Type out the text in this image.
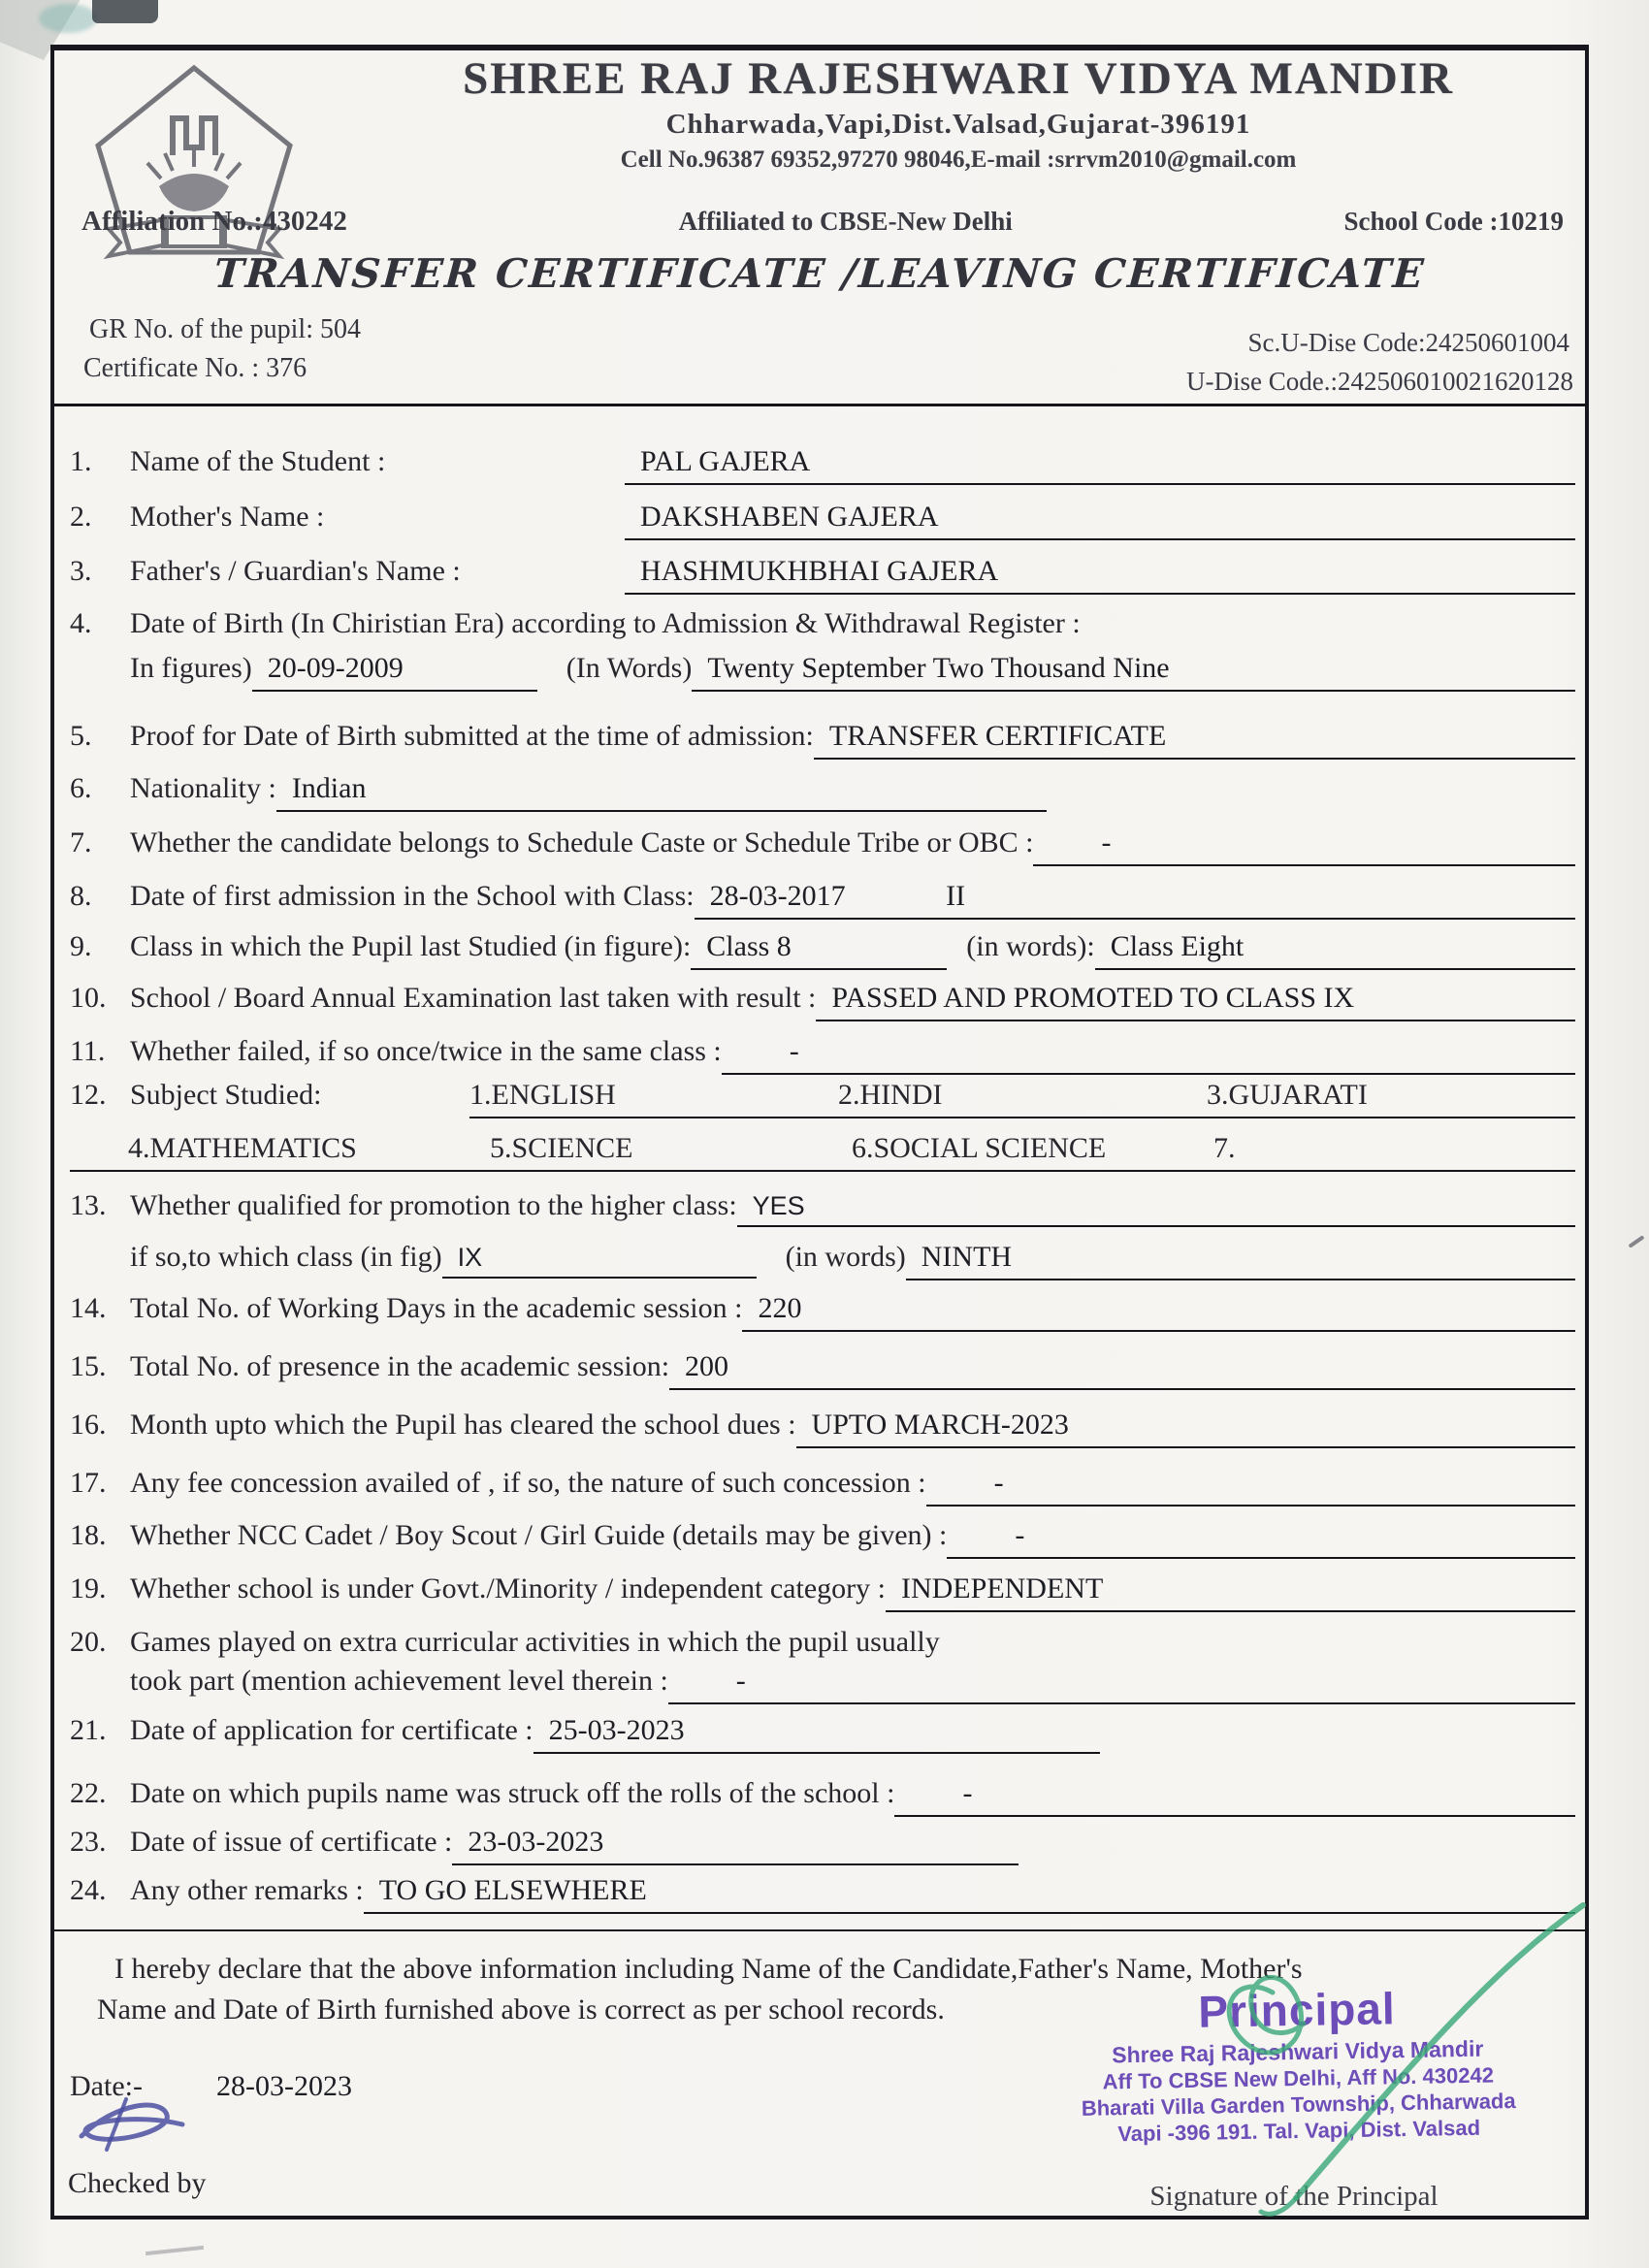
SHREE RAJ RAJESHWARI VIDYA MANDIR
Chharwada,Vapi,Dist.Valsad,Gujarat-396191
Cell No.96387 69352,97270 98046,E-mail :srrvm2010@gmail.com
Affiliation No.:430242	Affiliated to CBSE-New Delhi	School Code :10219
TRANSFER CERTIFICATE /LEAVING CERTIFICATE
GR No. of the pupil: 504
Certificate No. : 376
Sc.U-Dise Code:24250601004
U-Dise Code.:242506010021620128
1.	Name of the Student :	PAL GAJERA
2.	Mother's Name :	DAKSHABEN GAJERA
3.	Father's / Guardian's Name :	HASHMUKHBHAI GAJERA
4.	Date of Birth (In Chiristian Era) according to Admission & Withdrawal Register :
In figures) 20-09-2009	(In Words) Twenty September Two Thousand Nine
5.	Proof for Date of Birth submitted at the time of admission: TRANSFER CERTIFICATE
6.	Nationality : Indian
7.	Whether the candidate belongs to Schedule Caste or Schedule Tribe or OBC :	-
8.	Date of first admission in the School with Class: 28-03-2017	II
9.	Class in which the Pupil last Studied (in figure): Class 8	(in words): Class Eight
10. School / Board Annual Examination last taken with result : PASSED AND PROMOTED TO CLASS IX
11. Whether failed, if so once/twice in the same class :	-
12. Subject Studied:	1.ENGLISH	2.HINDI	3.GUJARATI
4.MATHEMATICS	5.SCIENCE	6.SOCIAL SCIENCE	7.
13. Whether qualified for promotion to the higher class: YES
if so,to which class (in fig) IX	(in words) NINTH
14. Total No. of Working Days in the academic session : 220
15. Total No. of presence in the academic session: 200
16. Month upto which the Pupil has cleared the school dues : UPTO MARCH-2023
17. Any fee concession availed of , if so, the nature of such concession :	-
18. Whether NCC Cadet / Boy Scout / Girl Guide (details may be given) :	-
19. Whether school is under Govt./Minority / independent category : INDEPENDENT
20. Games played on extra curricular activities in which the pupil usually
took part (mention achievement level therein :	-
21. Date of application for certificate : 25-03-2023
22. Date on which pupils name was struck off the rolls of the school :	-
23. Date of issue of certificate : 23-03-2023
24. Any other remarks : TO GO ELSEWHERE
I hereby declare that the above information including Name of the Candidate,Father's Name, Mother's
Name and Date of Birth furnished above is correct as per school records.
Date:-	28-03-2023
Checked by	Signature of the Principal
Principal
Shree Raj Rajeshwari Vidya Mandir
Aff To CBSE New Delhi, Aff No. 430242
Bharati Villa Garden Township, Chharwada
Vapi -396 191. Tal. Vapi, Dist. Valsad
